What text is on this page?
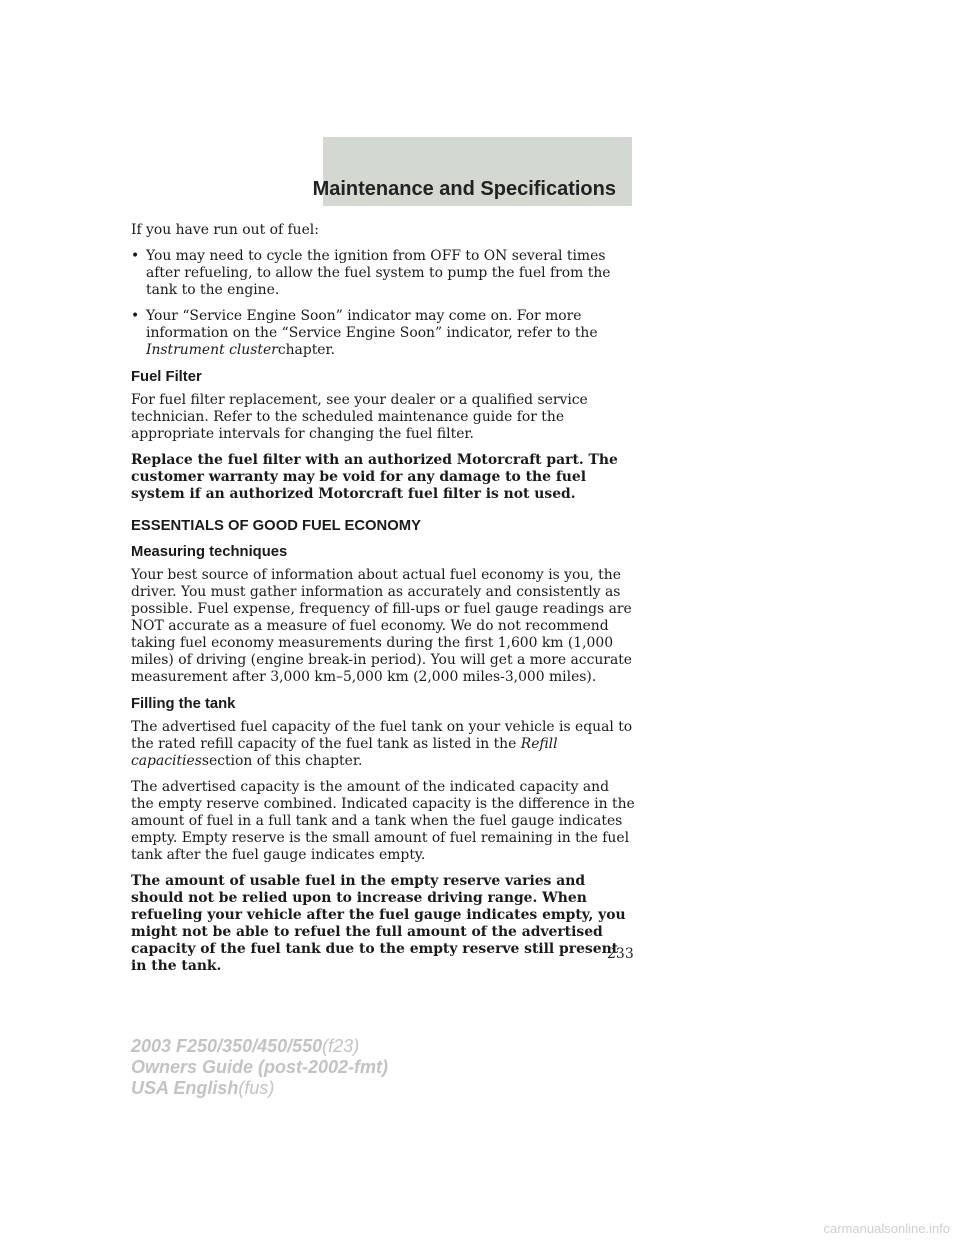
Maintenance and Specifications

If you have run out of fuel:

• You may need to cycle the ignition from OFF to ON several times after refueling, to allow the fuel system to pump the fuel from the tank to the engine.
• Your “Service Engine Soon” indicator may come on. For more information on the “Service Engine Soon” indicator, refer to the Instrument clusterchapter.
Fuel Filter

For fuel filter replacement, see your dealer or a qualified service technician. Refer to the scheduled maintenance guide for the appropriate intervals for changing the fuel filter.

Replace the fuel filter with an authorized Motorcraft part. The customer warranty may be void for any damage to the fuel system if an authorized Motorcraft fuel filter is not used.

ESSENTIALS OF GOOD FUEL ECONOMY
Measuring techniques

Your best source of information about actual fuel economy is you, the driver. You must gather information as accurately and consistently as possible. Fuel expense, frequency of fill-ups or fuel gauge readings are NOT accurate as a measure of fuel economy. We do not recommend taking fuel economy measurements during the first 1,600 km (1,000 miles) of driving (engine break-in period). You will get a more accurate measurement after 3,000 km–5,000 km (2,000 miles-3,000 miles).

Filling the tank

The advertised fuel capacity of the fuel tank on your vehicle is equal to the rated refill capacity of the fuel tank as listed in the Refill capacitiessection of this chapter.

The advertised capacity is the amount of the indicated capacity and the empty reserve combined. Indicated capacity is the difference in the amount of fuel in a full tank and a tank when the fuel gauge indicates empty. Empty reserve is the small amount of fuel remaining in the fuel tank after the fuel gauge indicates empty.

The amount of usable fuel in the empty reserve varies and should not be relied upon to increase driving range. When refueling your vehicle after the fuel gauge indicates empty, you might not be able to refuel the full amount of the advertised capacity of the fuel tank due to the empty reserve still present in the tank.

233
2003 F250/350/450/550(f23)
Owners Guide (post-2002-fmt)
USA English(fus)
carmanualsonline.info
